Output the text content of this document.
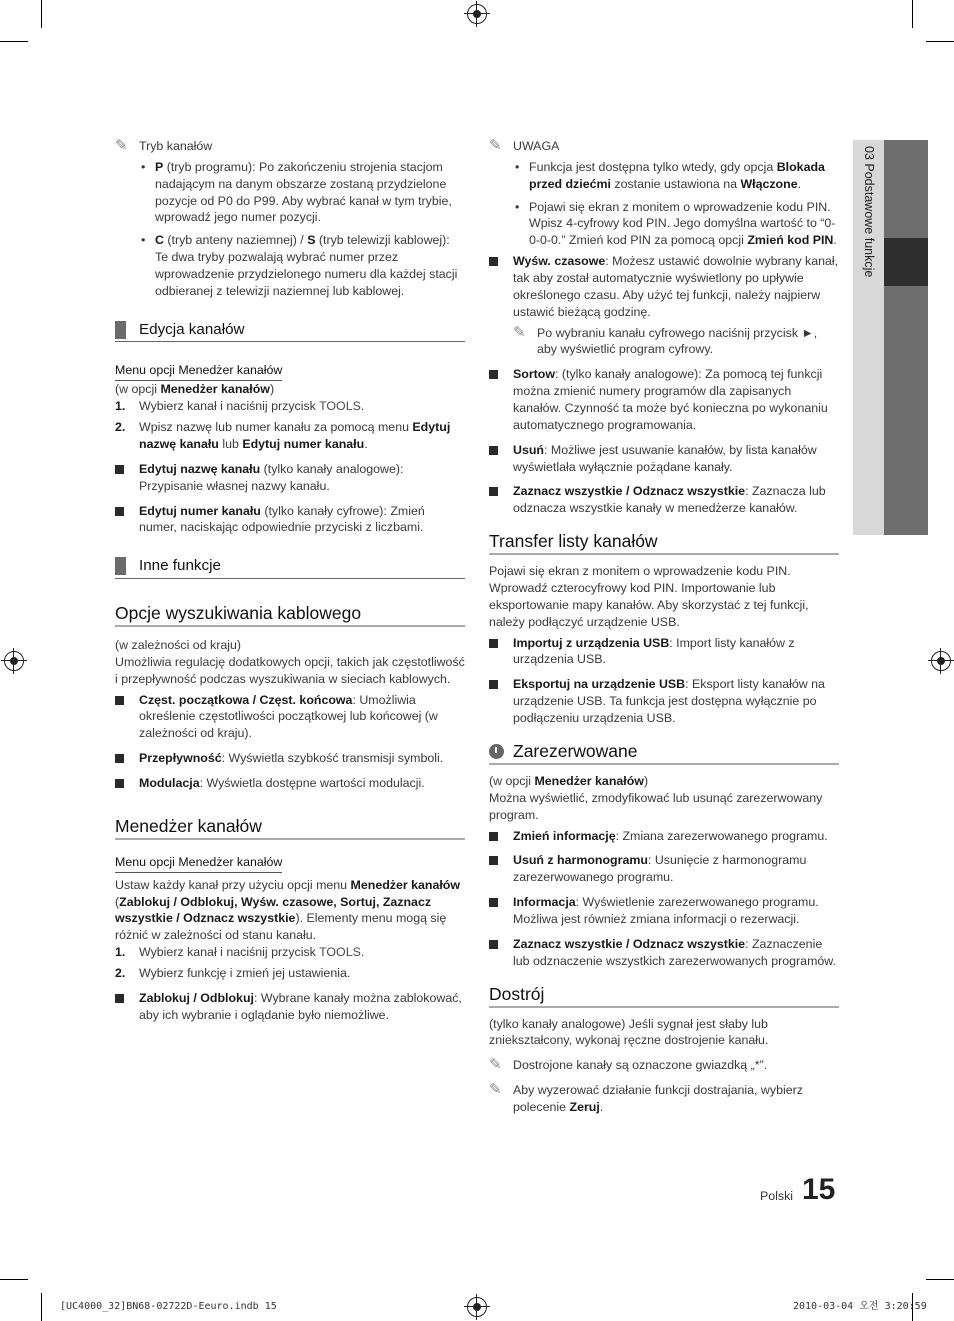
✎ Tryb kanałów
• P (tryb programu): Po zakończeniu strojenia stacjom nadającym na danym obszarze zostaną przydzielone pozycje od P0 do P99. Aby wybrać kanał w tym trybie, wprowadź jego numer pozycji.
• C (tryb anteny naziemnej) / S (tryb telewizji kablowej): Te dwa tryby pozwalają wybrać numer przez wprowadzenie przydzielonego numeru dla każdej stacji odbieranej z telewizji naziemnej lub kablowej.
Edycja kanałów
Menu opcji Menedżer kanałów
(w opcji Menedżer kanałów)
1. Wybierz kanał i naciśnij przycisk TOOLS.
2. Wpisz nazwę lub numer kanału za pomocą menu Edytuj nazwę kanału lub Edytuj numer kanału.
Edytuj nazwę kanału (tylko kanały analogowe): Przypisanie własnej nazwy kanału.
Edytuj numer kanału (tylko kanały cyfrowe): Zmień numer, naciskając odpowiednie przyciski z liczbami.
Inne funkcje
Opcje wyszukiwania kablowego
(w zależności od kraju)
Umożliwia regulację dodatkowych opcji, takich jak częstotliwość i przepływność podczas wyszukiwania w sieciach kablowych.
Częst. początkowa / Częst. końcowa: Umożliwia określenie częstotliwości początkowej lub końcowej (w zależności od kraju).
Przepływność: Wyświetla szybkość transmisji symboli.
Modulacja: Wyświetla dostępne wartości modulacji.
Menedżer kanałów
Menu opcji Menedżer kanałów
Ustaw każdy kanał przy użyciu opcji menu Menedżer kanałów (Zablokuj / Odblokuj, Wyśw. czasowe, Sortuj, Zaznacz wszystkie / Odznacz wszystkie). Elementy menu mogą się różnić w zależności od stanu kanału.
1. Wybierz kanał i naciśnij przycisk TOOLS.
2. Wybierz funkcję i zmień jej ustawienia.
Zablokuj / Odblokuj: Wybrane kanały można zablokować, aby ich wybranie i oglądanie było niemożliwe.
✎ UWAGA
• Funkcja jest dostępna tylko wtedy, gdy opcja Blokada przed dziećmi zostanie ustawiona na Włączone.
• Pojawi się ekran z monitem o wprowadzenie kodu PIN. Wpisz 4-cyfrowy kod PIN. Jego domyślna wartość to “0-0-0-0.” Zmień kod PIN za pomocą opcji Zmień kod PIN.
Wyśw. czasowe: Możesz ustawić dowolnie wybrany kanał, tak aby został automatycznie wyświetlony po upływie określonego czasu. Aby użyć tej funkcji, należy najpierw ustawić bieżącą godzinę.
✎ Po wybraniu kanału cyfrowego naciśnij przycisk ►, aby wyświetlić program cyfrowy.
Sortow: (tylko kanały analogowe): Za pomocą tej funkcji można zmienić numery programów dla zapisanych kanałów. Czynność ta może być konieczna po wykonaniu automatycznego programowania.
Usuń: Możliwe jest usuwanie kanałów, by lista kanałów wyświetlała wyłącznie pożądane kanały.
Zaznacz wszystkie / Odznacz wszystkie: Zaznacza lub odznacza wszystkie kanały w menedżerze kanałów.
Transfer listy kanałów
Pojawi się ekran z monitem o wprowadzenie kodu PIN. Wprowadź czterocyfrowy kod PIN. Importowanie lub eksportowanie mapy kanałów. Aby skorzystać z tej funkcji, należy podłączyć urządzenie USB.
Importuj z urządzenia USB: Import listy kanałów z urządzenia USB.
Eksportuj na urządzenie USB: Eksport listy kanałów na urządzenie USB. Ta funkcja jest dostępna wyłącznie po podłączeniu urządzenia USB.
Zarezerwowane
(w opcji Menedżer kanałów)
Można wyświetlić, zmodyfikować lub usunąć zarezerwowany program.
Zmień informację: Zmiana zarezerwowanego programu.
Usuń z harmonogramu: Usunięcie z harmonogramu zarezerwowanego programu.
Informacja: Wyświetlenie zarezerwowanego programu. Możliwa jest również zmiana informacji o rezerwacji.
Zaznacz wszystkie / Odznacz wszystkie: Zaznaczenie lub odznaczenie wszystkich zarezerwowanych programów.
Dostrój
(tylko kanały analogowe) Jeśli sygnał jest słaby lub zniekształcony, wykonaj ręczne dostrojenie kanału.
✎ Dostrojone kanały są oznaczone gwiazdką „*”.
✎ Aby wyzerować działanie funkcji dostrajania, wybierz polecenie Zeruj.
03 Podstawowe funkcje
Polski 15
[UC4000_32]BN68-02722D-Eeuro.indb 15	2010-03-04 오전 3:20:59
